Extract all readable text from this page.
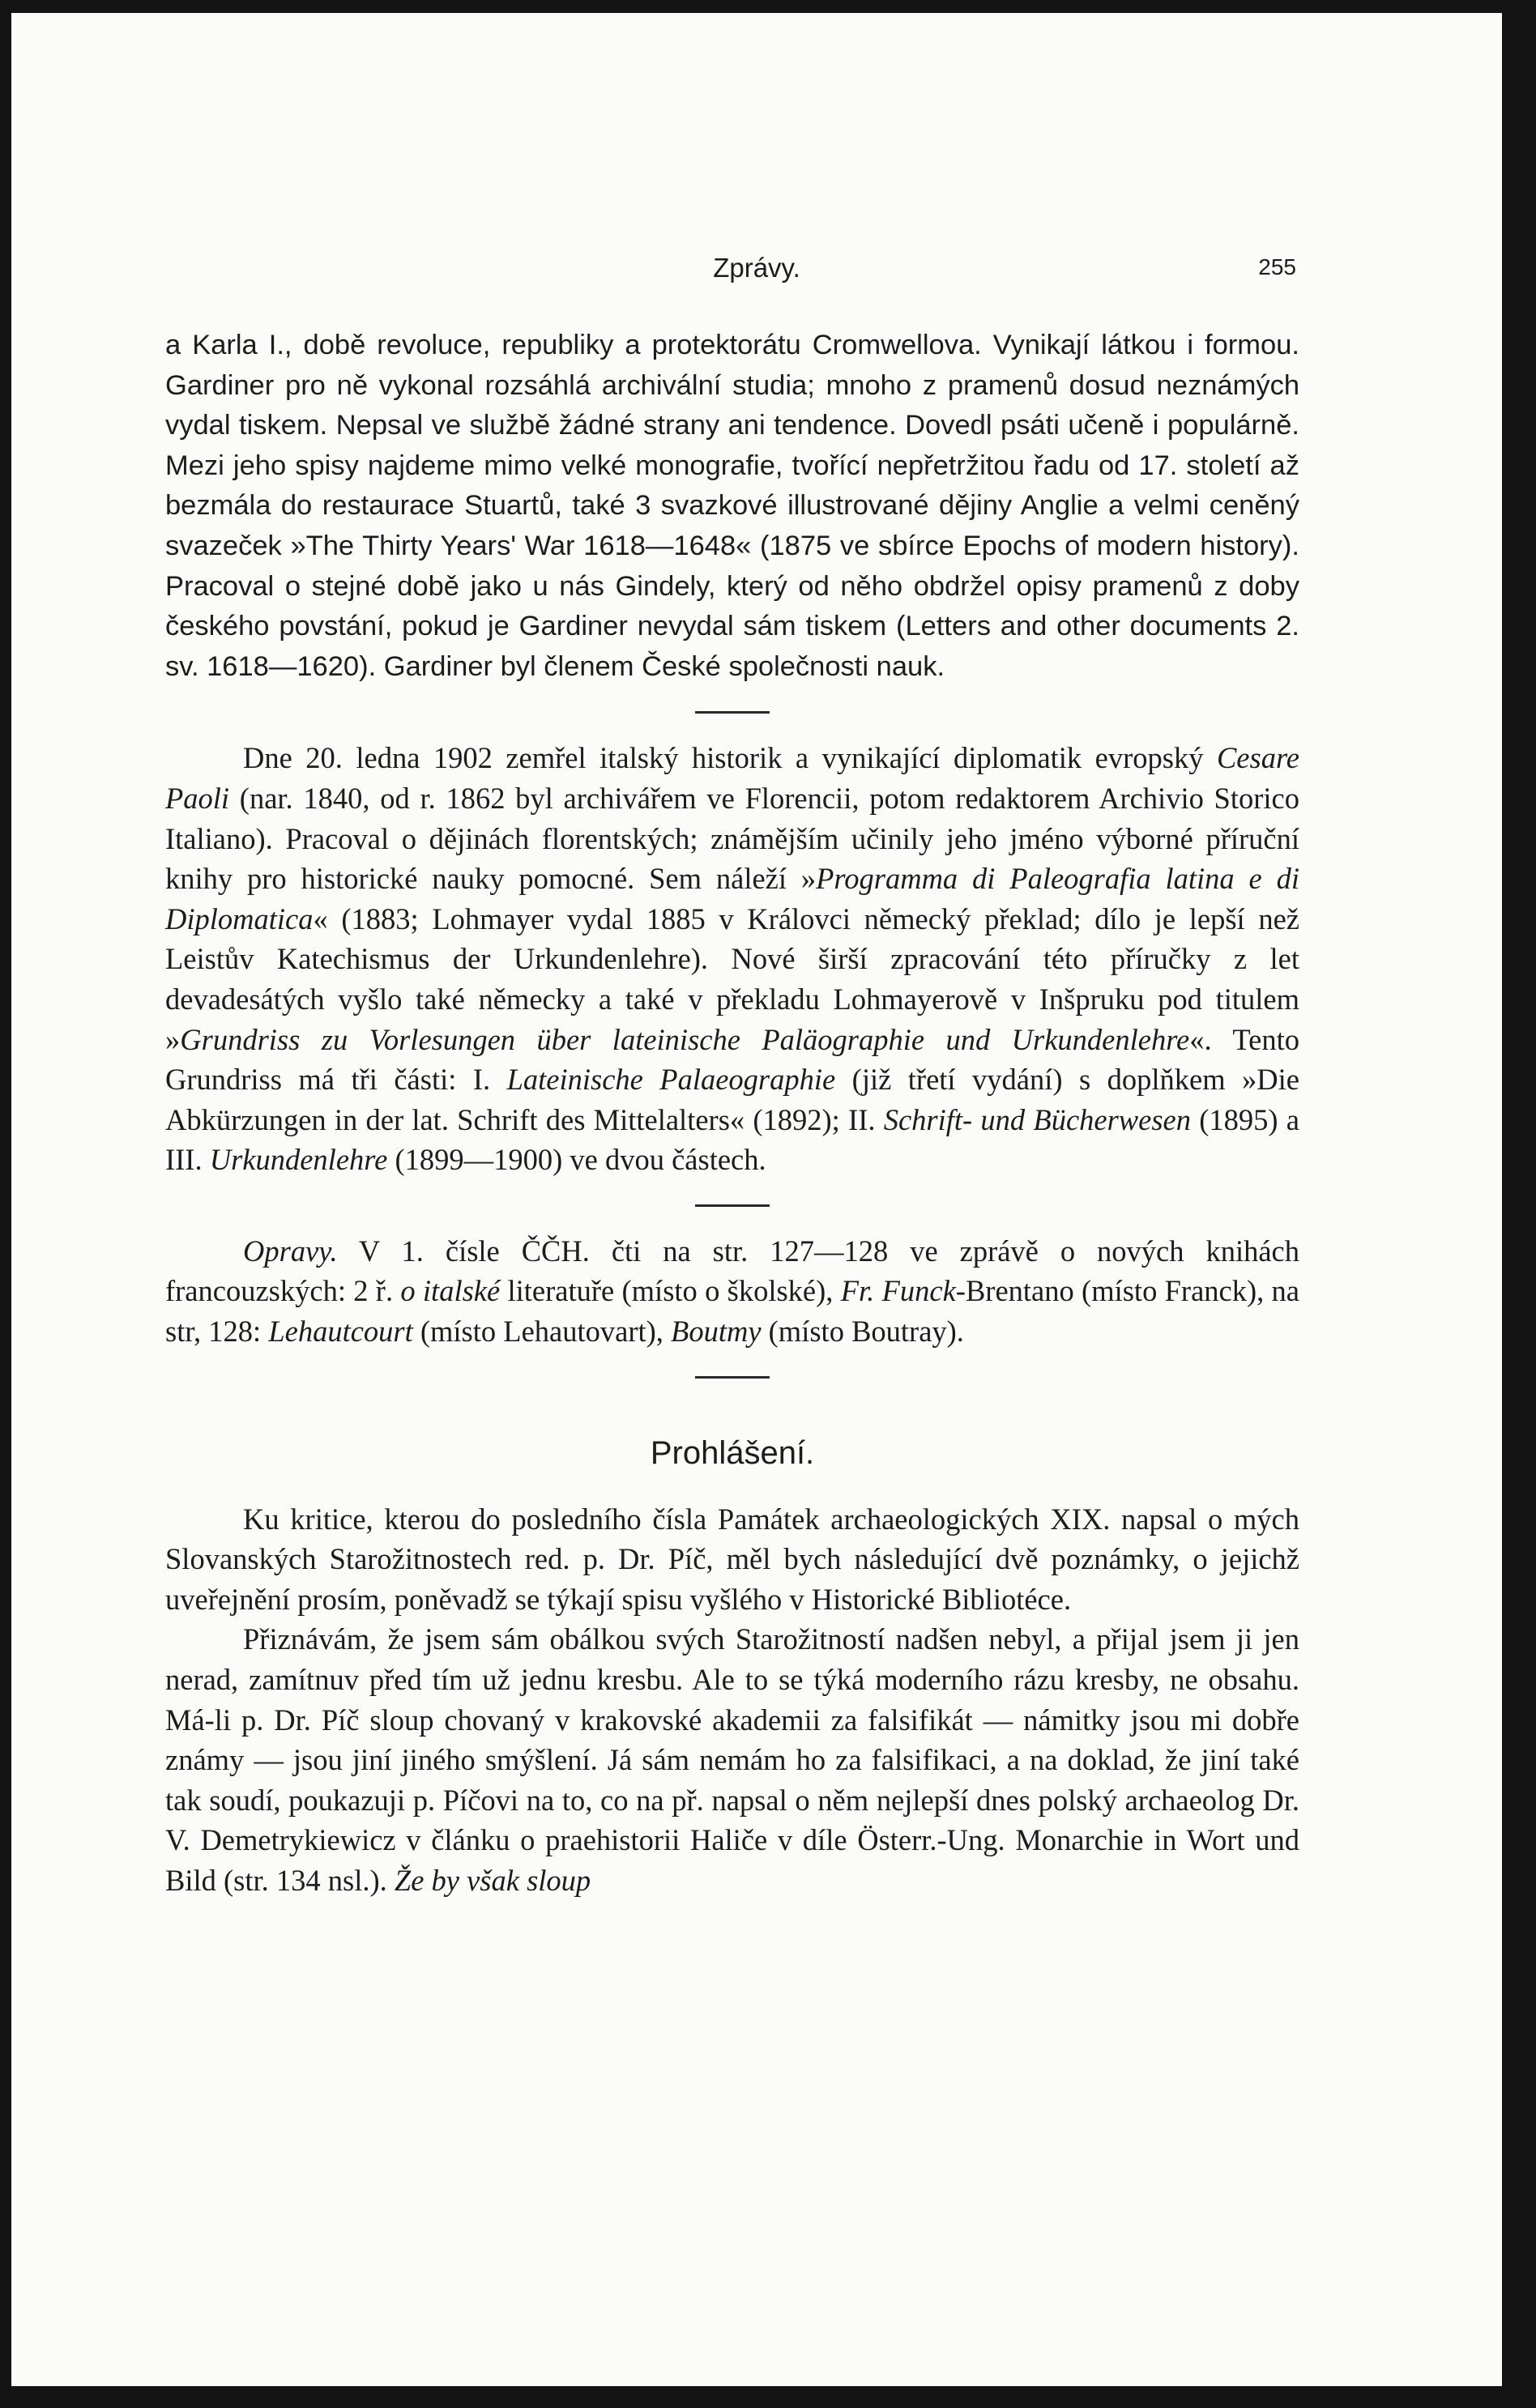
Zprávy.	255

a Karla I., době revoluce, republiky a protektorátu Cromwellova. Vynikají látkou i formou. Gardiner pro ně vykonal rozsáhlá archivální studia; mnoho z pramenů dosud neznámých vydal tiskem. Nepsal ve službě žádné strany ani tendence. Dovedl psáti učeně i populárně. Mezi jeho spisy najdeme mimo velké monografie, tvořící nepřetržitou řadu od 17. století až bezmála do restaurace Stuartů, také 3 svazkové illustrované dějiny Anglie a velmi ceněný svazeček »The Thirty Years' War 1618—1648« (1875 ve sbírce Epochs of modern history). Pracoval o stejné době jako u nás Gindely, který od něho obdržel opisy pramenů z doby českého povstání, pokud je Gardiner nevydal sám tiskem (Letters and other documents 2. sv. 1618—1620). Gardiner byl členem České společnosti nauk.

Dne 20. ledna 1902 zemřel italský historik a vynikající diplomatik evropský Cesare Paoli (nar. 1840, od r. 1862 byl archivářem ve Florencii, potom redaktorem Archivio Storico Italiano). Pracoval o dějinách florentských; známějším učinily jeho jméno výborné příruční knihy pro historické nauky pomocné. Sem náleží »Programma di Paleografia latina e di Diplomatica« (1883; Lohmayer vydal 1885 v Královci německý překlad; dílo je lepší než Leistův Katechismus der Urkundenlehre). Nové širší zpracování této příručky z let devadesátých vyšlo také německy a také v překladu Lohmayerově v Inšpruku pod titulem »Grundriss zu Vorlesungen über lateinische Paläographie und Urkundenlehre«. Tento Grundriss má tři části: I. Lateinische Palaeographie (již třetí vydání) s doplňkem »Die Abkürzungen in der lat. Schrift des Mittelalters« (1892); II. Schrift- und Bücherwesen (1895) a III. Urkundenlehre (1899—1900) ve dvou částech.

Opravy. V 1. čísle ČČH. čti na str. 127—128 ve zprávě o nových knihách francouzských: 2 ř. o italské literatuře (místo o školské), Fr. Funck-Brentano (místo Franck), na str, 128: Lehautcourt (místo Lehautovart), Boutmy (místo Boutray).

Prohlášení.

Ku kritice, kterou do posledního čísla Památek archaeologických XIX. napsal o mých Slovanských Starožitnostech red. p. Dr. Píč, měl bych následující dvě poznámky, o jejichž uveřejnění prosím, poněvadž se týkají spisu vyšlého v Historické Bibliotéce.

Přiznávám, že jsem sám obálkou svých Starožitností nadšen nebyl, a přijal jsem ji jen nerad, zamítnuv před tím už jednu kresbu. Ale to se týká moderního rázu kresby, ne obsahu. Má-li p. Dr. Píč sloup chovaný v krakovské akademii za falsifikát — námitky jsou mi dobře známy — jsou jiní jiného smýšlení. Já sám nemám ho za falsifikaci, a na doklad, že jiní také tak soudí, poukazuji p. Píčovi na to, co na př. napsal o něm nejlepší dnes polský archaeolog Dr. V. Demetrykiewicz v článku o praehistorii Haliče v díle Österr.-Ung. Monarchie in Wort und Bild (str. 134 nsl.). Že by však sloup
